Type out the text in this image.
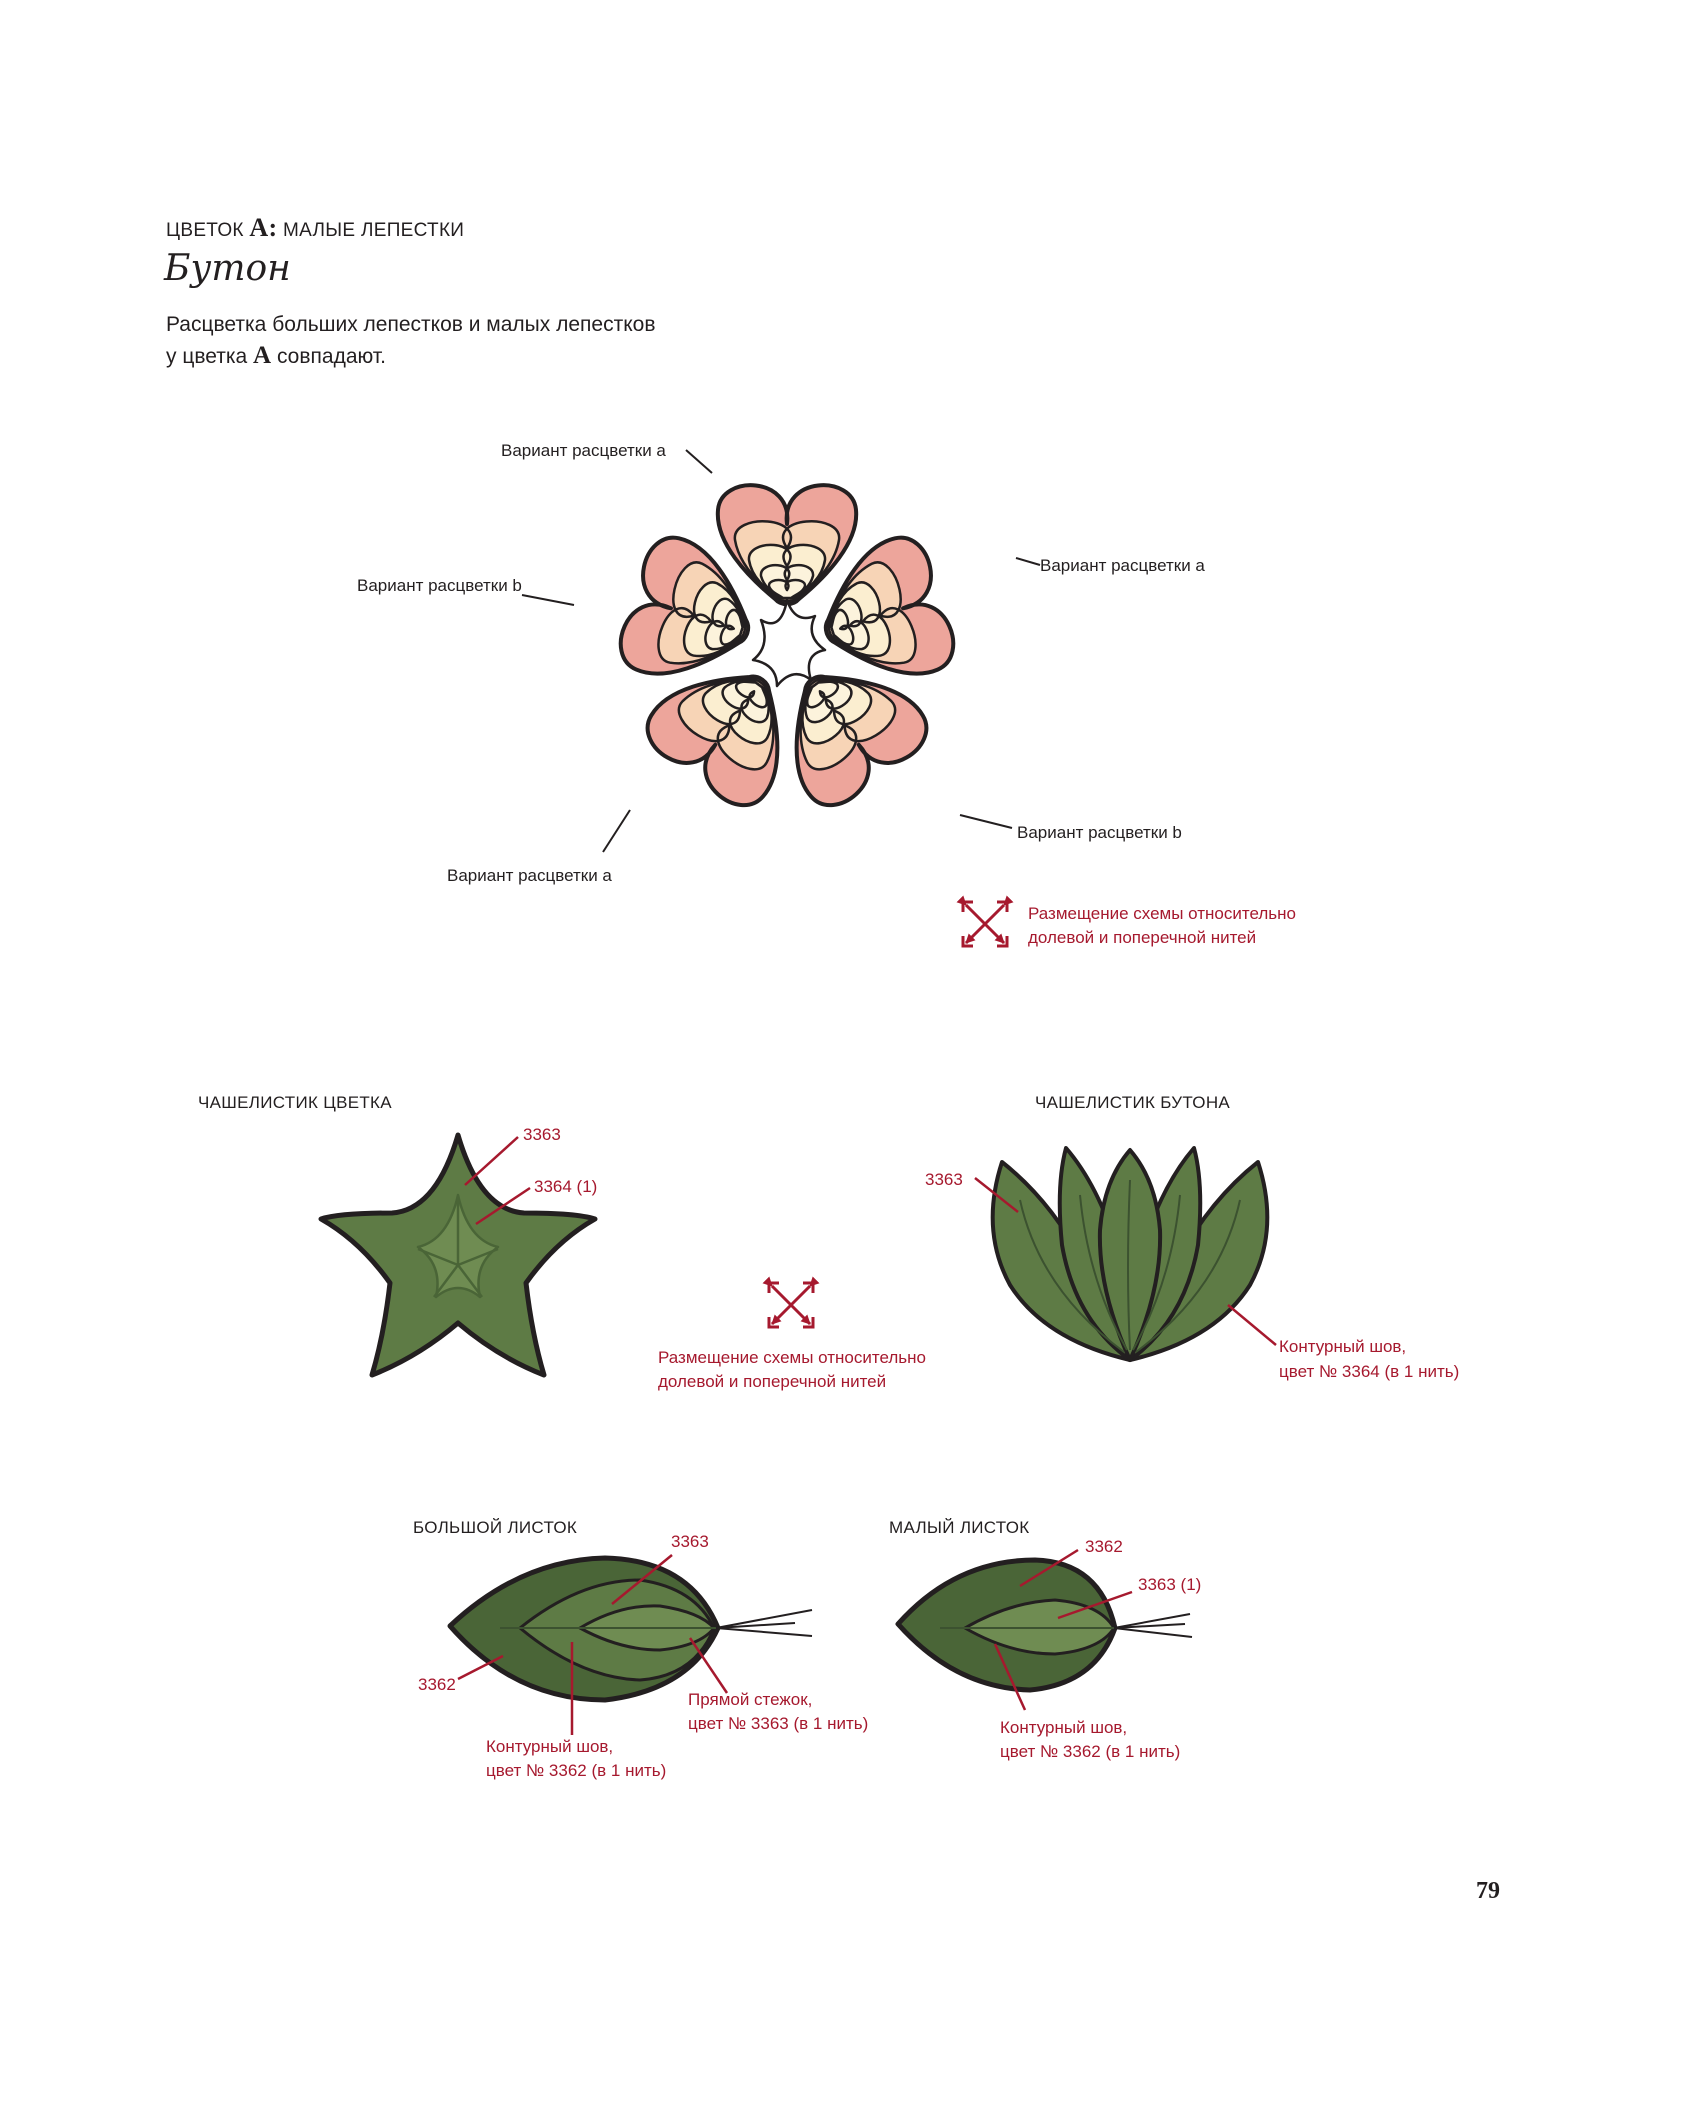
ЦВЕТОК A: МАЛЫЕ ЛЕПЕСТКИ
Бутон
Расцветка больших лепестков и малых лепестков
у цветка A совпадают.
Вариант расцветки a
Вариант расцветки b
Вариант расцветки a
Вариант расцветки b
Вариант расцветки a
Размещение схемы относительно
долевой и поперечной нитей
ЧАШЕЛИСТИК ЦВЕТКА
3363
3364 (1)
Размещение схемы относительно
долевой и поперечной нитей
ЧАШЕЛИСТИК БУТОНА
3363
Контурный шов,
цвет № 3364 (в 1 нить)
БОЛЬШОЙ ЛИСТОК
3363
3362
Прямой стежок,
цвет № 3363 (в 1 нить)
Контурный шов,
цвет № 3362 (в 1 нить)
МАЛЫЙ ЛИСТОК
3362
3363 (1)
Контурный шов,
цвет № 3362 (в 1 нить)
79
